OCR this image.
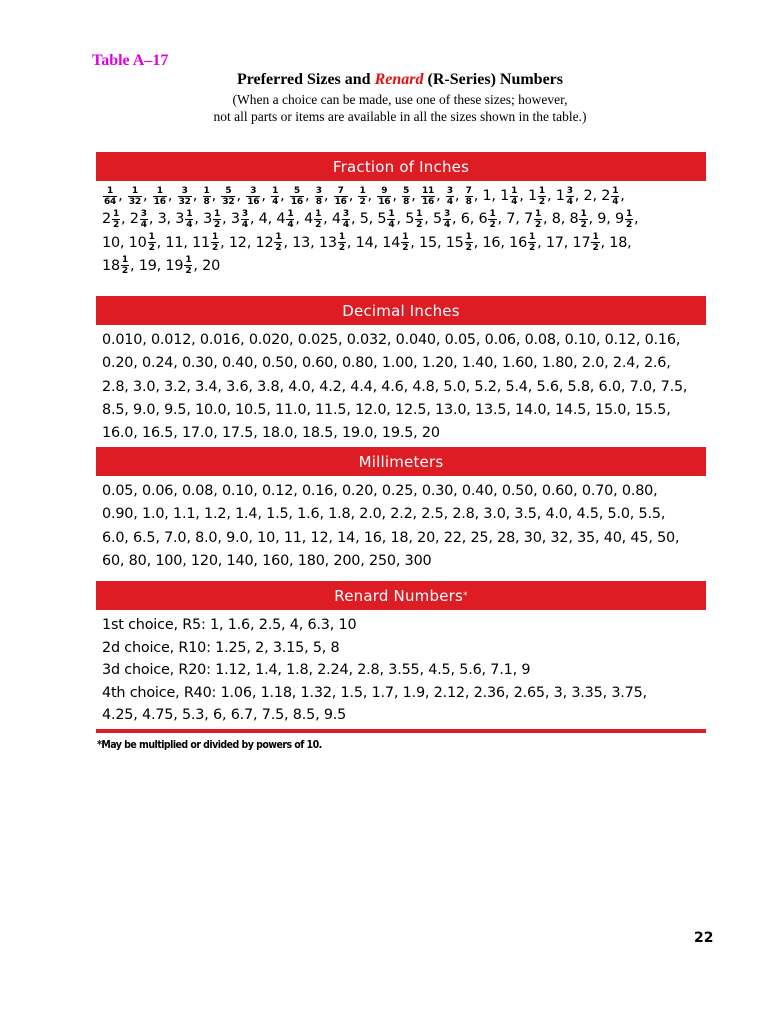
Table A–17
Preferred Sizes and Renard (R-Series) Numbers
(When a choice can be made, use one of these sizes; however,
not all parts or items are available in all the sizes shown in the table.)
Fraction of Inches
$\frac{1}{64}$ , $\frac{1}{32}$ , $\frac{1}{16}$ , $\frac{3}{32}$ , $\frac{1}{8}$ , $\frac{5}{32}$ , $\frac{3}{16}$ , $\frac{1}{4}$ , $\frac{5}{16}$ , $\frac{3}{8}$ , $\frac{7}{16}$ , $\frac{1}{2}$ , $\frac{9}{16}$ , $\frac{5}{8}$ , $\frac{11}{16}$ , $\frac{3}{4}$ , $\frac{7}{8}$ , 1, $1 \frac{1}{4}$ , $1 \frac{1}{2}$ , $1 \frac{3}{4}$ , 2, $2 \frac{1}{4}$ ,
$2 \frac{1}{2}$ , $2 \frac{3}{4}$ , 3, $3 \frac{1}{4}$ , $3 \frac{1}{2}$ , $3 \frac{3}{4}$ , 4, $4 \frac{1}{4}$ , $4 \frac{1}{2}$ , $4 \frac{3}{4}$ , 5, $5 \frac{1}{4}$ , $5 \frac{1}{2}$ , $5 \frac{3}{4}$ , 6, $6 \frac{1}{2}$ , 7, $7 \frac{1}{2}$ , 8, $8 \frac{1}{2}$ , 9, $9 \frac{1}{2}$ ,
10, $10 \frac{1}{2}$ , 11, $11 \frac{1}{2}$ , 12, $12 \frac{1}{2}$ , 13, $13 \frac{1}{2}$ , 14, $14 \frac{1}{2}$ , 15, $15 \frac{1}{2}$ , 16, $16 \frac{1}{2}$ , 17, $17 \frac{1}{2}$ , 18,
$18 \frac{1}{2}$ , 19, $19 \frac{1}{2}$ , 20
Decimal Inches
0.010, 0.012, 0.016, 0.020, 0.025, 0.032, 0.040, 0.05, 0.06, 0.08, 0.10, 0.12, 0.16,
0.20, 0.24, 0.30, 0.40, 0.50, 0.60, 0.80, 1.00, 1.20, 1.40, 1.60, 1.80, 2.0, 2.4, 2.6,
2.8, 3.0, 3.2, 3.4, 3.6, 3.8, 4.0, 4.2, 4.4, 4.6, 4.8, 5.0, 5.2, 5.4, 5.6, 5.8, 6.0, 7.0, 7.5,
8.5, 9.0, 9.5, 10.0, 10.5, 11.0, 11.5, 12.0, 12.5, 13.0, 13.5, 14.0, 14.5, 15.0, 15.5,
16.0, 16.5, 17.0, 17.5, 18.0, 18.5, 19.0, 19.5, 20
Millimeters
0.05, 0.06, 0.08, 0.10, 0.12, 0.16, 0.20, 0.25, 0.30, 0.40, 0.50, 0.60, 0.70, 0.80,
0.90, 1.0, 1.1, 1.2, 1.4, 1.5, 1.6, 1.8, 2.0, 2.2, 2.5, 2.8, 3.0, 3.5, 4.0, 4.5, 5.0, 5.5,
6.0, 6.5, 7.0, 8.0, 9.0, 10, 11, 12, 14, 16, 18, 20, 22, 25, 28, 30, 32, 35, 40, 45, 50,
60, 80, 100, 120, 140, 160, 180, 200, 250, 300
Renard Numbers *
1st choice, R5: 1, 1.6, 2.5, 4, 6.3, 10
2d choice, R10: 1.25, 2, 3.15, 5, 8
3d choice, R20: 1.12, 1.4, 1.8, 2.24, 2.8, 3.55, 4.5, 5.6, 7.1, 9
4th choice, R40: 1.06, 1.18, 1.32, 1.5, 1.7, 1.9, 2.12, 2.36, 2.65, 3, 3.35, 3.75,
4.25, 4.75, 5.3, 6, 6.7, 7.5, 8.5, 9.5
*May be multiplied or divided by powers of 10.
22
